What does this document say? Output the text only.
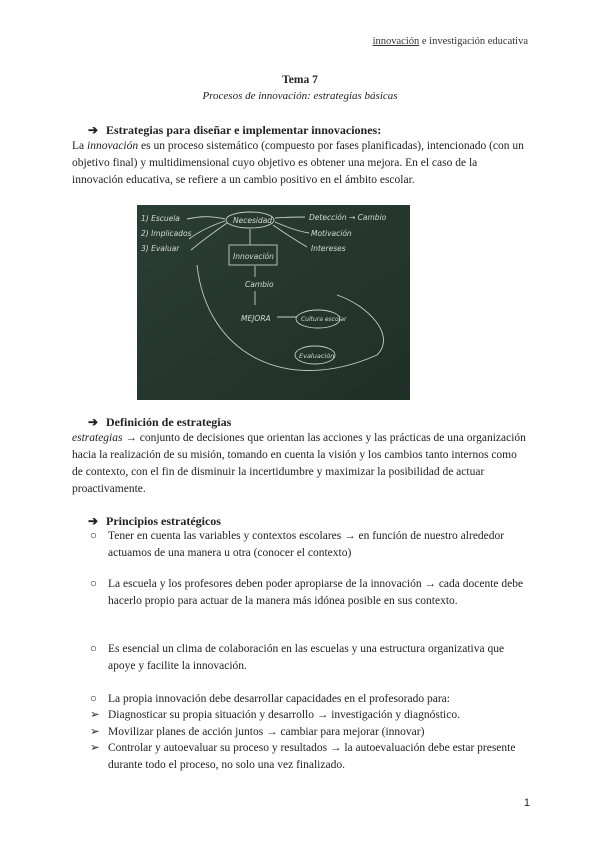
innovación e investigación educativa
Tema 7
Procesos de innovación: estrategias básicas
➔ Estrategias para diseñar e implementar innovaciones:
La innovación es un proceso sistemático (compuesto por fases planificadas), intencionado (con un objetivo final) y multidimensional cuyo objetivo es obtener una mejora. En el caso de la innovación educativa, se refiere a un cambio positivo en el ámbito escolar.
1) Escuela
2) Implicados
3) Evaluar
Necesidad
Innovación
Cambio
MEJORA	Cultura escolar
Evaluación
Detección → Cambio
Motivación
Intereses
➔ Definición de estrategias
estrategias → conjunto de decisiones que orientan las acciones y las prácticas de una organización hacia la realización de su misión, tomando en cuenta la visión y los cambios tanto internos como de contexto, con el fin de disminuir la incertidumbre y maximizar la posibilidad de actuar proactivamente.
➔ Principios estratégicos
○ Tener en cuenta las variables y contextos escolares → en función de nuestro alrededor actuamos de una manera u otra (conocer el contexto)
○ La escuela y los profesores deben poder apropiarse de la innovación → cada docente debe hacerlo propio para actuar de la manera más idónea posible en sus contexto.
○ Es esencial un clima de colaboración en las escuelas y una estructura organizativa que apoye y facilite la innovación.
○ La propia innovación debe desarrollar capacidades en el profesorado para:
➢ Diagnosticar su propia situación y desarrollo → investigación y diagnóstico.
➢ Movilizar planes de acción juntos → cambiar para mejorar (innovar)
➢ Controlar y autoevaluar su proceso y resultados → la autoevaluación debe estar presente durante todo el proceso, no solo una vez finalizado.
1
